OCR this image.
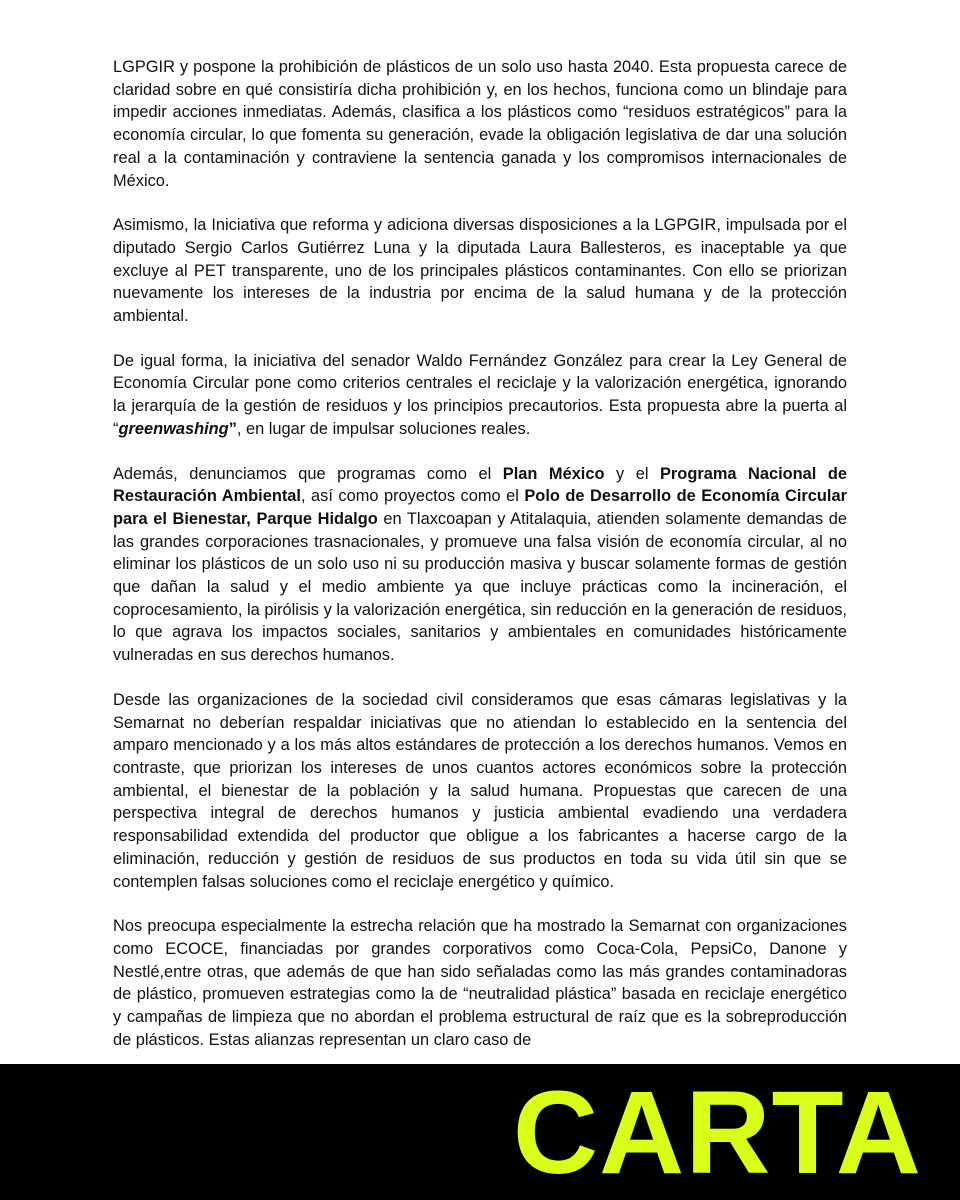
LGPGIR y pospone la prohibición de plásticos de un solo uso hasta 2040. Esta propuesta carece de claridad sobre en qué consistiría dicha prohibición y, en los hechos, funciona como un blindaje para impedir acciones inmediatas. Además, clasifica a los plásticos como “residuos estratégicos” para la economía circular, lo que fomenta su generación, evade la obligación legislativa de dar una solución real a la contaminación y contraviene la sentencia ganada y los compromisos internacionales de México.

Asimismo, la Iniciativa que reforma y adiciona diversas disposiciones a la LGPGIR, impulsada por el diputado Sergio Carlos Gutiérrez Luna y la diputada Laura Ballesteros, es inaceptable ya que excluye al PET transparente, uno de los principales plásticos contaminantes. Con ello se priorizan nuevamente los intereses de la industria por encima de la salud humana y de la protección ambiental.

De igual forma, la iniciativa del senador Waldo Fernández González para crear la Ley General de Economía Circular pone como criterios centrales el reciclaje y la valorización energética, ignorando la jerarquía de la gestión de residuos y los principios precautorios. Esta propuesta abre la puerta al “greenwashing”, en lugar de impulsar soluciones reales.

Además, denunciamos que programas como el Plan México y el Programa Nacional de Restauración Ambiental, así como proyectos como el Polo de Desarrollo de Economía Circular para el Bienestar, Parque Hidalgo en Tlaxcoapan y Atitalaquia, atienden solamente demandas de las grandes corporaciones trasnacionales, y promueve una falsa visión de economía circular, al no eliminar los plásticos de un solo uso ni su producción masiva y buscar solamente formas de gestión que dañan la salud y el medio ambiente ya que incluye prácticas como la incineración, el coprocesamiento, la pirólisis y la valorización energética, sin reducción en la generación de residuos, lo que agrava los impactos sociales, sanitarios y ambientales en comunidades históricamente vulneradas en sus derechos humanos.

Desde las organizaciones de la sociedad civil consideramos que esas cámaras legislativas y la Semarnat no deberían respaldar iniciativas que no atiendan lo establecido en la sentencia del amparo mencionado y a los más altos estándares de protección a los derechos humanos. Vemos en contraste, que priorizan los intereses de unos cuantos actores económicos sobre la protección ambiental, el bienestar de la población y la salud humana. Propuestas que carecen de una perspectiva integral de derechos humanos y justicia ambiental evadiendo una verdadera responsabilidad extendida del productor que obligue a los fabricantes a hacerse cargo de la eliminación, reducción y gestión de residuos de sus productos en toda su vida útil sin que se contemplen falsas soluciones como el reciclaje energético y químico.

Nos preocupa especialmente la estrecha relación que ha mostrado la Semarnat con organizaciones como ECOCE, financiadas por grandes corporativos como Coca-Cola, PepsiCo, Danone y Nestlé,entre otras, que además de que han sido señaladas como las más grandes contaminadoras de plástico, promueven estrategias como la de “neutralidad plástica” basada en reciclaje energético y campañas de limpieza que no abordan el problema estructural de raíz que es la sobreproducción de plásticos. Estas alianzas representan un claro caso de

CARTA
